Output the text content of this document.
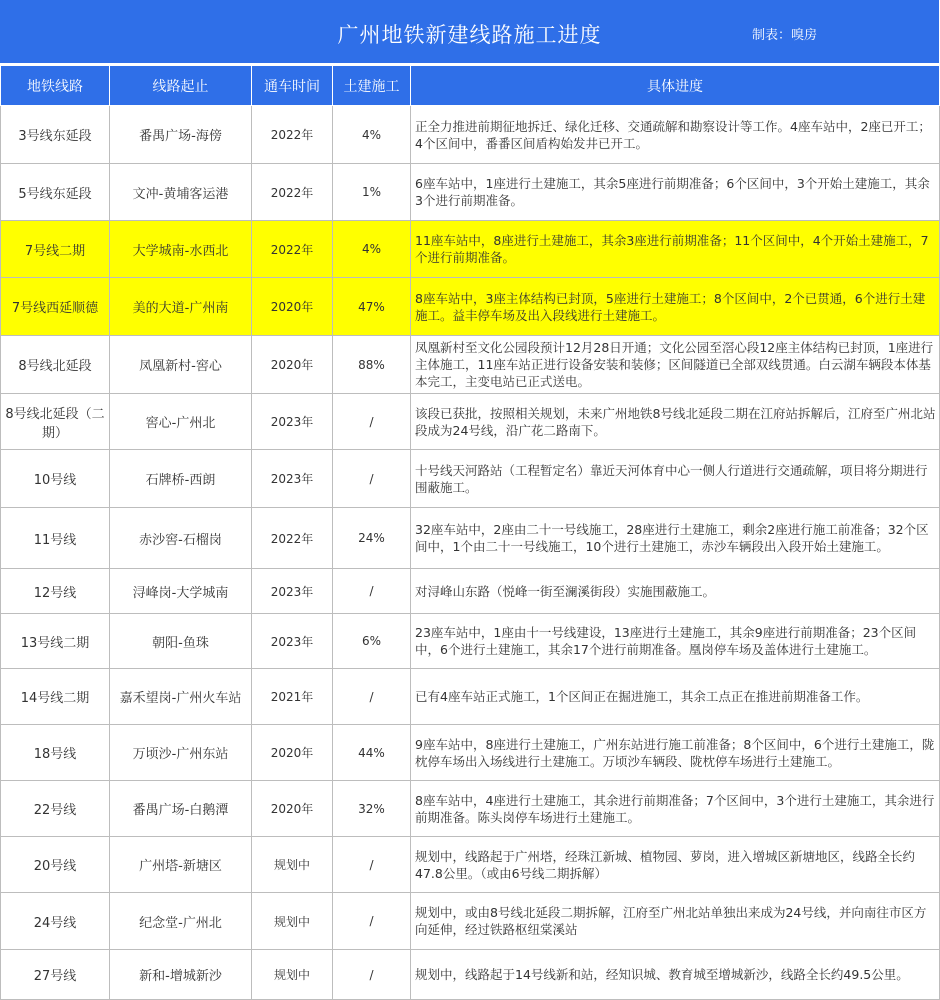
广州地铁新建线路施工进度	制表：嗅房
地铁线路	线路起止	通车时间	土建施工	具体进度
3号线东延段	番禺广场-海傍	2022年	4%	正全力推进前期征地拆迁、绿化迁移、交通疏解和勘察设计等工作。4座车站中，2座已开工；4个区间中，番番区间盾构始发井已开工。
5号线东延段	文冲-黄埔客运港	2022年	1%	6座车站中，1座进行土建施工，其余5座进行前期准备；6个区间中，3个开始土建施工，其余3个进行前期准备。
7号线二期	大学城南-水西北	2022年	4%	11座车站中，8座进行土建施工，其余3座进行前期准备；11个区间中，4个开始土建施工，7个进行前期准备。
7号线西延顺德	美的大道-广州南	2020年	47%	8座车站中，3座主体结构已封顶，5座进行土建施工；8个区间中，2个已贯通，6个进行土建施工。益丰停车场及出入段线进行土建施工。
8号线北延段	凤凰新村-窖心	2020年	88%	凤凰新村至文化公园段预计12月28日开通；文化公园至滘心段12座主体结构已封顶，1座进行主体施工，11座车站正进行设备安装和装修；区间隧道已全部双线贯通。白云湖车辆段本体基本完工，主变电站已正式送电。
8号线北延段（二期）	窖心-广州北	2023年	/	该段已获批，按照相关规划，未来广州地铁8号线北延段二期在江府站拆解后，江府至广州北站段成为24号线，沿广花二路南下。
10号线	石牌桥-西朗	2023年	/	十号线天河路站（工程暂定名）靠近天河体育中心一侧人行道进行交通疏解，项目将分期进行围蔽施工。
11号线	赤沙窖-石榴岗	2022年	24%	32座车站中，2座由二十一号线施工，28座进行土建施工，剩余2座进行施工前准备；32个区间中，1个由二十一号线施工，10个进行土建施工，赤沙车辆段出入段开始土建施工。
12号线	浔峰岗-大学城南	2023年	/	对浔峰山东路（悦峰一街至澜溪街段）实施围蔽施工。
13号线二期	朝阳-鱼珠	2023年	6%	23座车站中，1座由十一号线建设，13座进行土建施工，其余9座进行前期准备；23个区间中，6个进行土建施工，其余17个进行前期准备。凰岗停车场及盖体进行土建施工。
14号线二期	嘉禾望岗-广州火车站	2021年	/	已有4座车站正式施工，1个区间正在掘进施工，其余工点正在推进前期准备工作。
18号线	万顷沙-广州东站	2020年	44%	9座车站中，8座进行土建施工，广州东站进行施工前准备；8个区间中，6个进行土建施工，陇枕停车场出入场线进行土建施工。万顷沙车辆段、陇枕停车场进行土建施工。
22号线	番禺广场-白鹅潭	2020年	32%	8座车站中，4座进行土建施工，其余进行前期准备；7个区间中，3个进行土建施工，其余进行前期准备。陈头岗停车场进行土建施工。
20号线	广州塔-新塘区	规划中	/	规划中，线路起于广州塔，经珠江新城、植物园、萝岗，进入增城区新塘地区，线路全长约47.8公里。（或由6号线二期拆解）
24号线	纪念堂-广州北	规划中	/	规划中，或由8号线北延段二期拆解，江府至广州北站单独出来成为24号线，并向南往市区方向延伸，经过铁路枢纽棠溪站
27号线	新和-增城新沙	规划中	/	规划中，线路起于14号线新和站，经知识城、教育城至增城新沙，线路全长约49.5公里。
